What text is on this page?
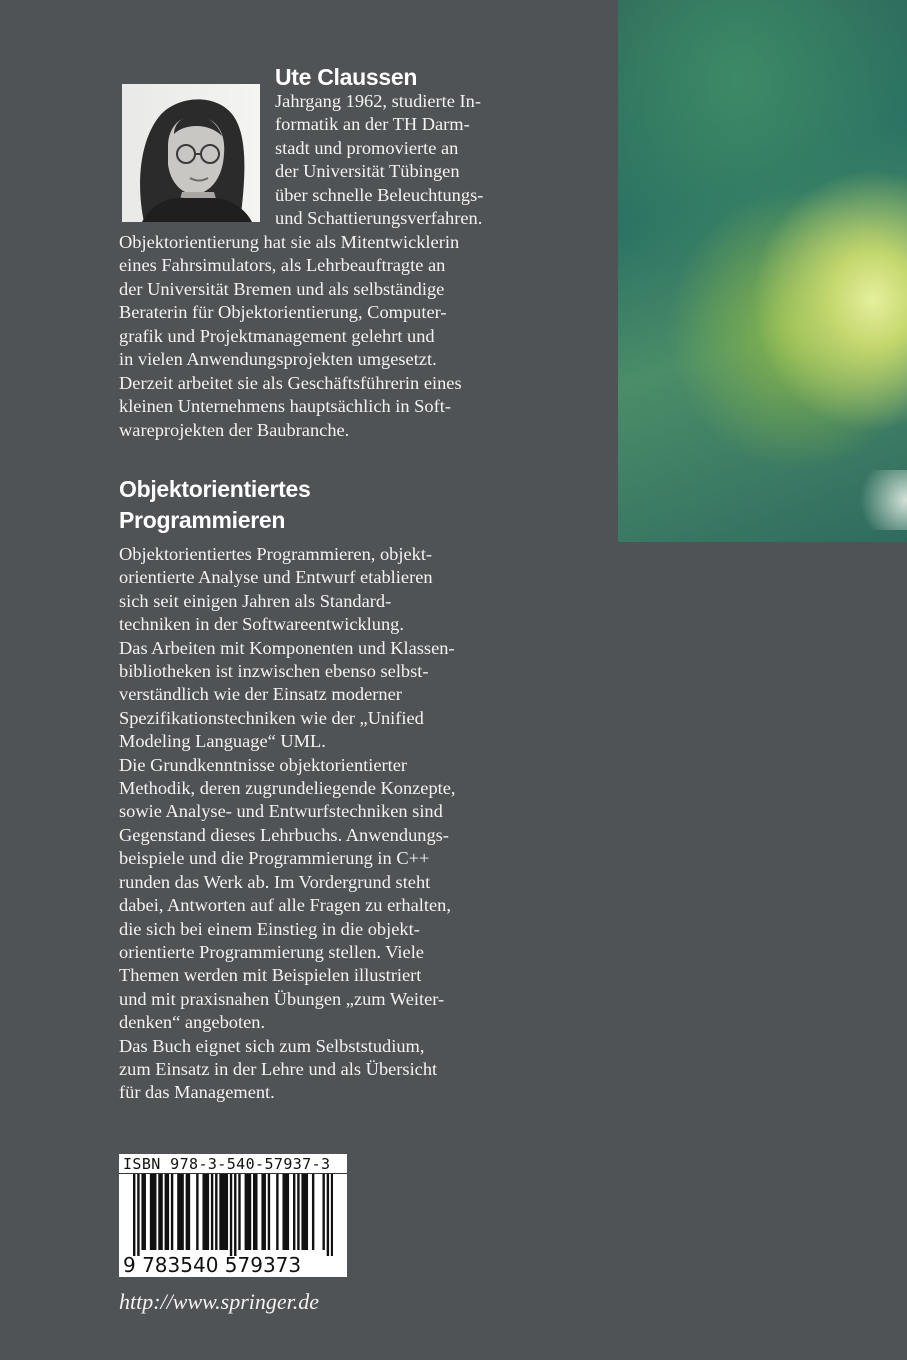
Ute Claussen

Jahrgang 1962, studierte In-

formatik an der TH Darm-

stadt und promovierte an

der Universität Tübingen

über schnelle Beleuchtungs-

und Schattierungsverfahren.

Objektorientierung hat sie als Mitentwicklerin

eines Fahrsimulators, als Lehrbeauftragte an

der Universität Bremen und als selbständige

Beraterin für Objektorientierung, Computer-

grafik und Projektmanagement gelehrt und

in vielen Anwendungsprojekten umgesetzt.

Derzeit arbeitet sie als Geschäftsführerin eines

kleinen Unternehmens hauptsächlich in Soft-

wareprojekten der Baubranche.

Objektorientiertes
Programmieren

Objektorientiertes Programmieren, objekt-

orientierte Analyse und Entwurf etablieren

sich seit einigen Jahren als Standard-

techniken in der Softwareentwicklung.

Das Arbeiten mit Komponenten und Klassen-

bibliotheken ist inzwischen ebenso selbst-

verständlich wie der Einsatz moderner

Spezifikationstechniken wie der „Unified

Modeling Language“ UML.

Die Grundkenntnisse objektorientierter

Methodik, deren zugrundeliegende Konzepte,

sowie Analyse- und Entwurfstechniken sind

Gegenstand dieses Lehrbuchs. Anwendungs-

beispiele und die Programmierung in C++

runden das Werk ab. Im Vordergrund steht

dabei, Antworten auf alle Fragen zu erhalten,

die sich bei einem Einstieg in die objekt-

orientierte Programmierung stellen. Viele

Themen werden mit Beispielen illustriert

und mit praxisnahen Übungen „zum Weiter-

denken“ angeboten.

Das Buch eignet sich zum Selbststudium,

zum Einsatz in der Lehre und als Übersicht

für das Management.

ISBN 978-3-540-57937-3

9 783540 579373

http://www.springer.de
